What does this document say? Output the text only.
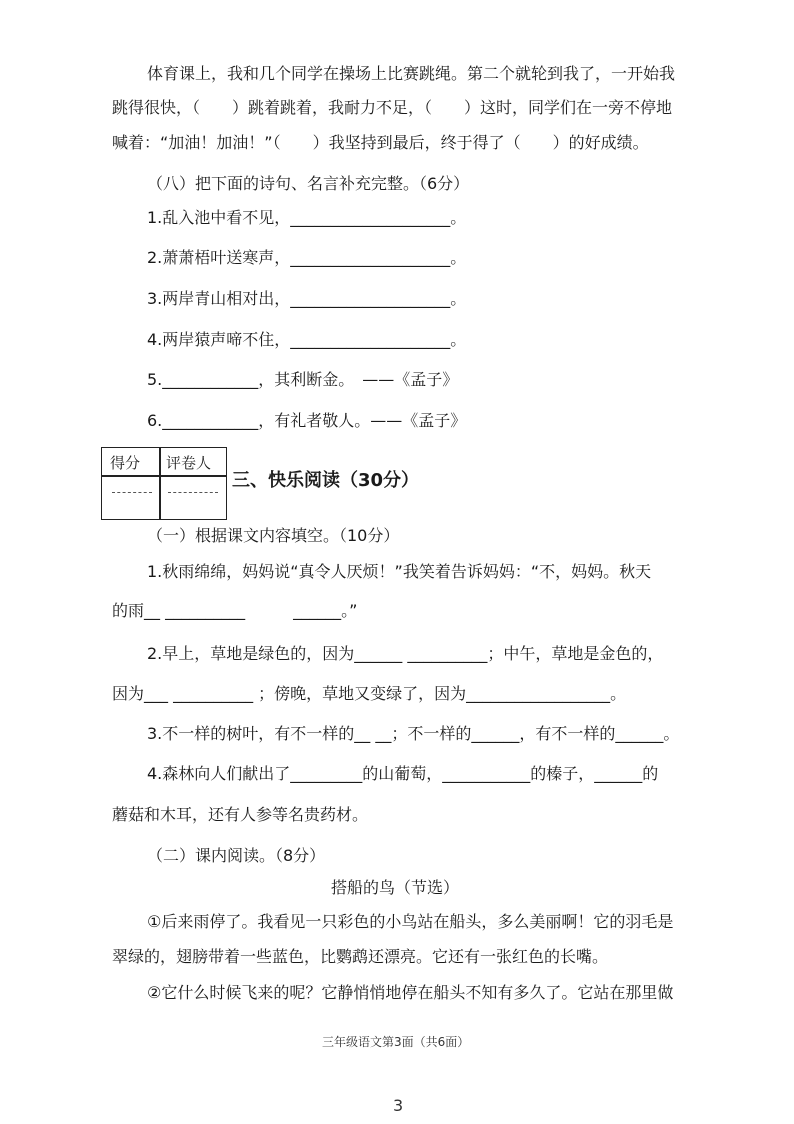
体育课上，我和几个同学在操场上比赛跳绳。第二个就轮到我了，一开始我
跳得很快，（　　）跳着跳着，我耐力不足，（　　）这时，同学们在一旁不停地
喊着：“加油！加油！”（　　）我坚持到最后，终于得了（　　）的好成绩。
（八）把下面的诗句、名言补充完整。（6分）
1.乱入池中看不见，____________________。
2.萧萧梧叶送寒声，____________________。
3.两岸青山相对出，____________________。
4.两岸猿声啼不住，____________________。
5.____________，其利断金。　——《孟子》
6.____________，有礼者敬人。——《孟子》
得分 评卷人
三、快乐阅读（30分）
（一）根据课文内容填空。（10分）
1.秋雨绵绵，妈妈说“真令人厌烦！”我笑着告诉妈妈：“不，妈妈。秋天
的雨__ __________　　　______。”
2.早上，草地是绿色的，因为______ __________；中午，草地是金色的，
因为___ __________ ；傍晚，草地又变绿了，因为__________________。
3.不一样的树叶，有不一样的__ __；不一样的______，有不一样的______。
4.森林向人们献出了_________的山葡萄，___________的榛子，______的
蘑菇和木耳，还有人参等名贵药材。
（二）课内阅读。（8分）
搭船的鸟（节选）
①后来雨停了。我看见一只彩色的小鸟站在船头，多么美丽啊！它的羽毛是
翠绿的，翅膀带着一些蓝色，比鹦鹉还漂亮。它还有一张红色的长嘴。
②它什么时候飞来的呢？它静悄悄地停在船头不知有多久了。它站在那里做
三年级语文第3面（共6面）
3
